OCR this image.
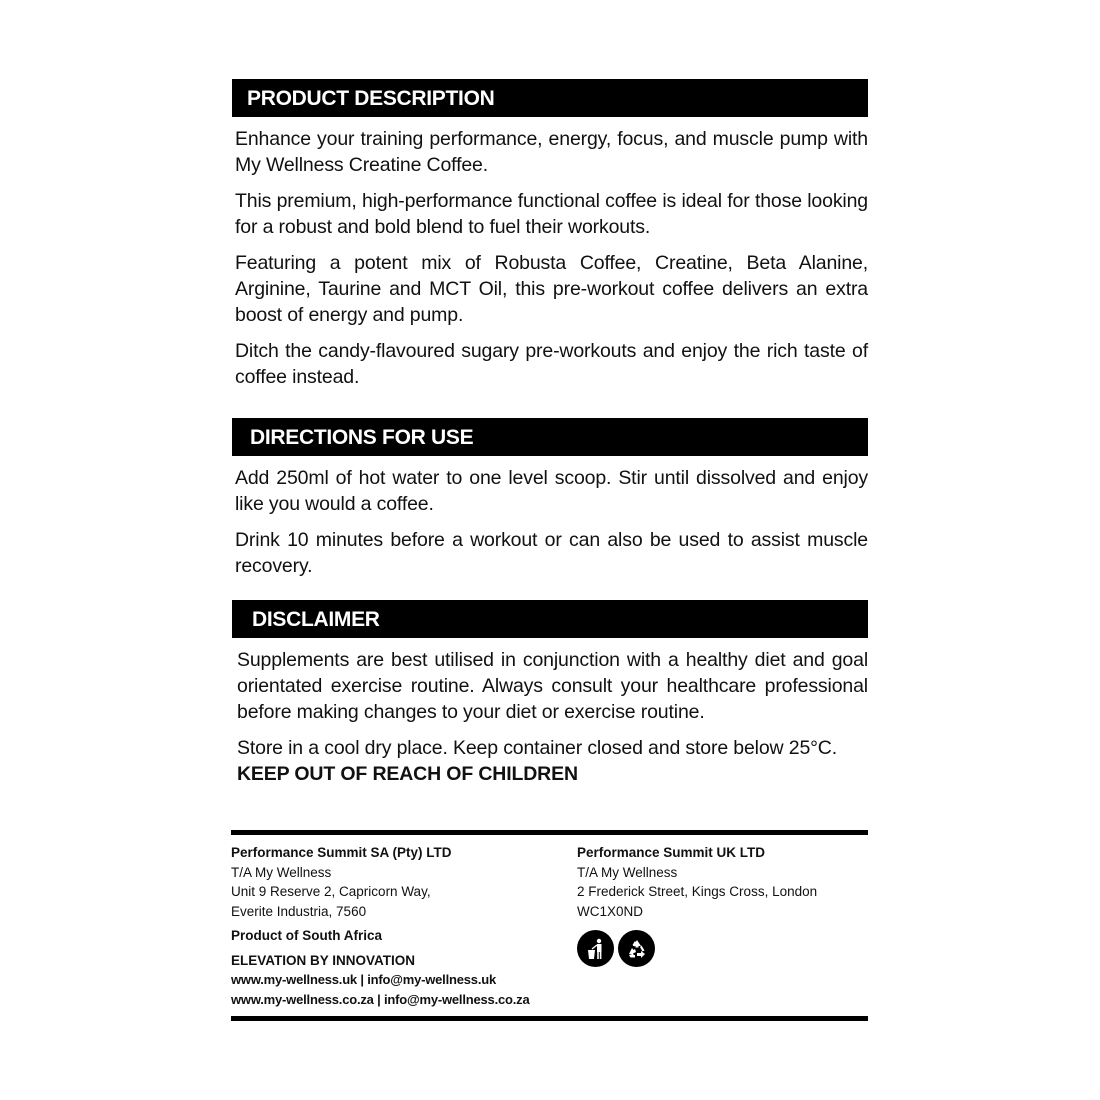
PRODUCT DESCRIPTION

Enhance your training performance, energy, focus, and muscle pump with My Wellness Creatine Coffee.

This premium, high-performance functional coffee is ideal for those looking for a robust and bold blend to fuel their workouts.

Featuring a potent mix of Robusta Coffee, Creatine, Beta Alanine, Arginine, Taurine and MCT Oil, this pre-workout coffee delivers an extra boost of energy and pump.

Ditch the candy-flavoured sugary pre-workouts and enjoy the rich taste of coffee instead.

DIRECTIONS FOR USE

Add 250ml of hot water to one level scoop. Stir until dissolved and enjoy like you would a coffee.

Drink 10 minutes before a workout or can also be used to assist muscle recovery.

DISCLAIMER

Supplements are best utilised in conjunction with a healthy diet and goal orientated exercise routine. Always consult your healthcare professional before making changes to your diet or exercise routine.

Store in a cool dry place. Keep container closed and store below 25°C.

KEEP OUT OF REACH OF CHILDREN

Performance Summit SA (Pty) LTD
T/A My Wellness
Unit 9 Reserve 2, Capricorn Way,
Everite Industria, 7560
Product of South Africa
ELEVATION BY INNOVATION
www.my-wellness.uk | info@my-wellness.uk
www.my-wellness.co.za | info@my-wellness.co.za
Performance Summit UK LTD
T/A My Wellness
2 Frederick Street, Kings Cross, London
WC1X0ND
